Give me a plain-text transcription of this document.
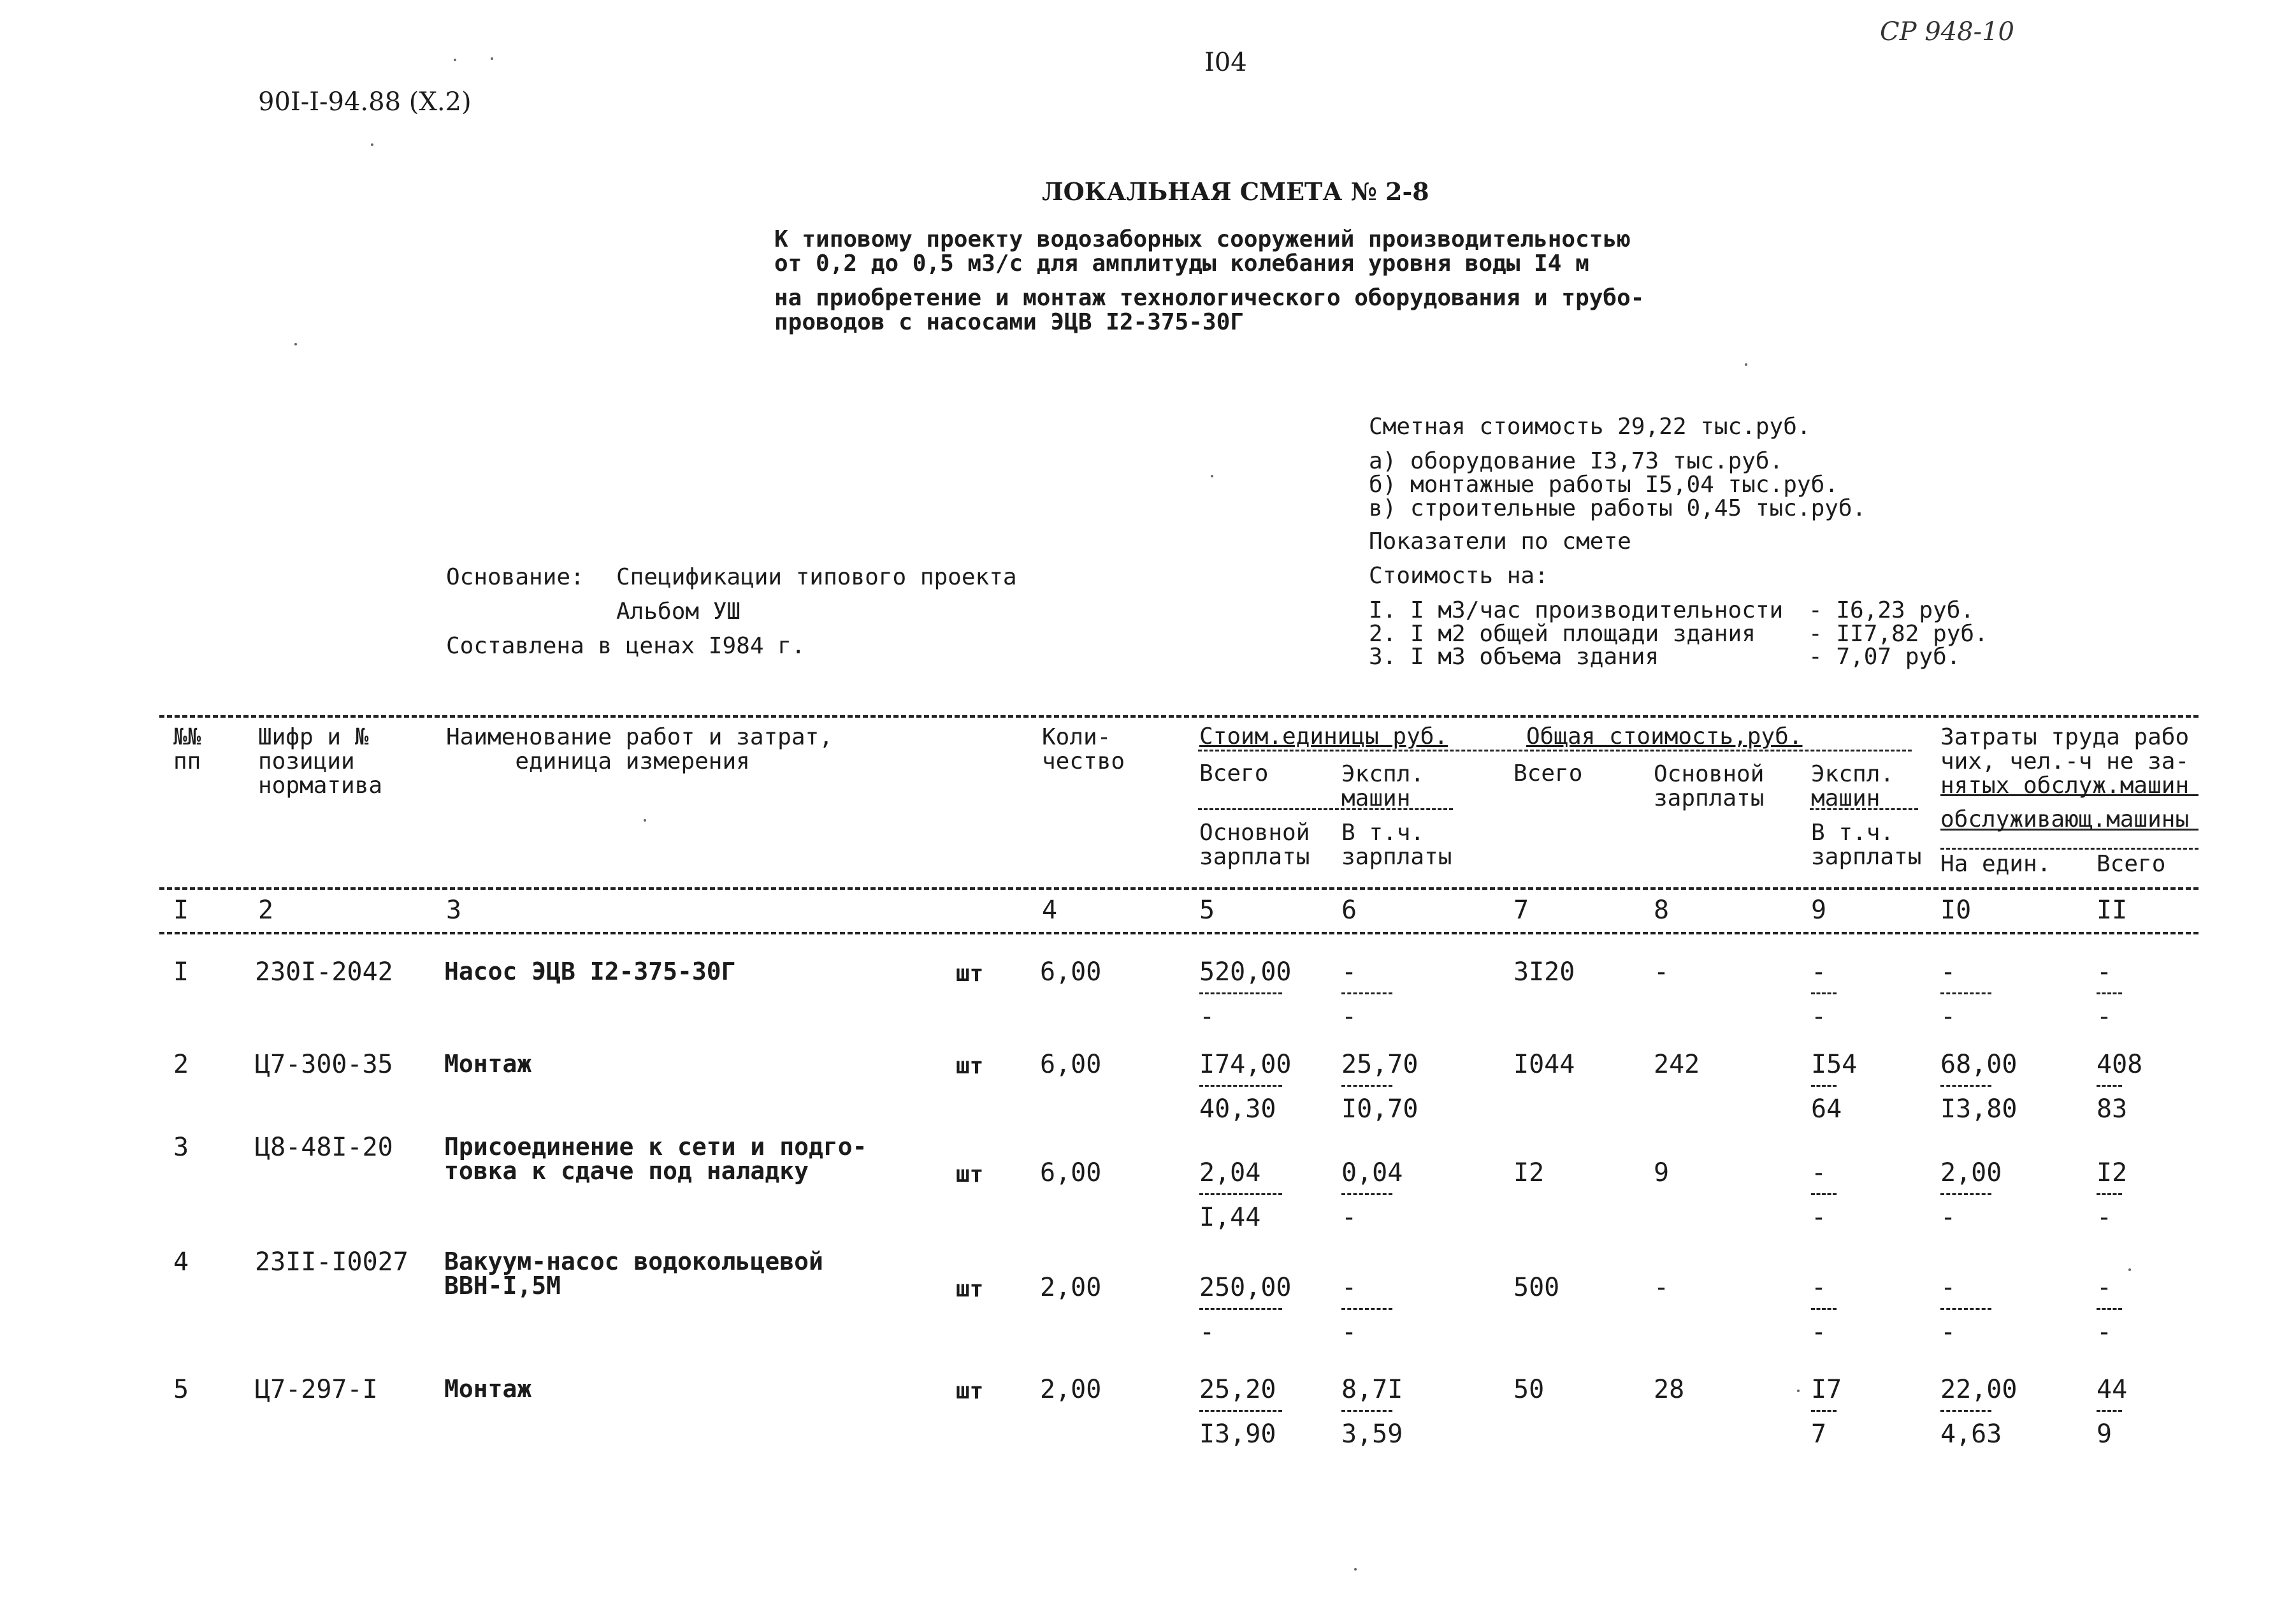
90I-I-94.88 (X.2)
I04
СР 948-10
ЛОКАЛЬНАЯ СМЕТА № 2-8
К типовому проекту водозаборных сооружений производительностью
от 0,2 до 0,5 м3/с для амплитуды колебания уровня воды I4 м
на приобретение и монтаж технологического оборудования и трубо-
проводов с насосами ЭЦВ I2-375-30Г
Сметная стоимость 29,22 тыс.руб.
а) оборудование I3,73 тыс.руб.
б) монтажные работы I5,04 тыс.руб.
в) строительные работы 0,45 тыс.руб.
Показатели по смете
Стоимость на:
I. I м3/час производительности - I6,23 руб.
2. I м2 общей площади здания - II7,82 руб.
3. I м3 объема здания	- 7,07 руб.
Основание: Спецификации типового проекта
Альбом УШ
Составлена в ценах I984 г.
№№
пп
Шифр и №
позиции
норматива
Наименование работ и затрат,
единица измерения
Коли-
чество
Стоим.единицы руб.	Общая стоимость,руб.	Затраты труда рабо
чих, чел.-ч не за-
нятых обслуж.машин
обслуживающ.машины
Всего	Экспл.
машин
Основной
зарплаты
В т.ч.
зарплаты
Всего	Основной
зарплаты
Экспл.
машин
В т.ч.
зарплаты На един. Всего
I	2	3	4	5	6	7	8	9	I0	II
I	230I-2042 Насос ЭЦВ I2-375-30Г	шт 6,00	520,00 -	3I20	-	-	-	-
-	-	-	-	-
2	Ц7-300-35 Монтаж	шт 6,00	I74,00 25,70	I044	242	I54	68,00	408
40,30	I0,70	64	I3,80	83
3	Ц8-48I-20 Присоединение к сети и подго-
товка к сдаче под наладку	шт 6,00	2,04	0,04	I2	9	-	2,00	I2
I,44	-	-	-	-
4	23II-I0027 Вакуум-насос водокольцевой
ВВН-I,5М	шт 2,00	250,00 -	500	-	-	-	-
-	-	-	-	-
5	Ц7-297-I	Монтаж	шт 2,00	25,20	8,7I	50	28	I7	22,00	44
I3,90	3,59	7	4,63	9
